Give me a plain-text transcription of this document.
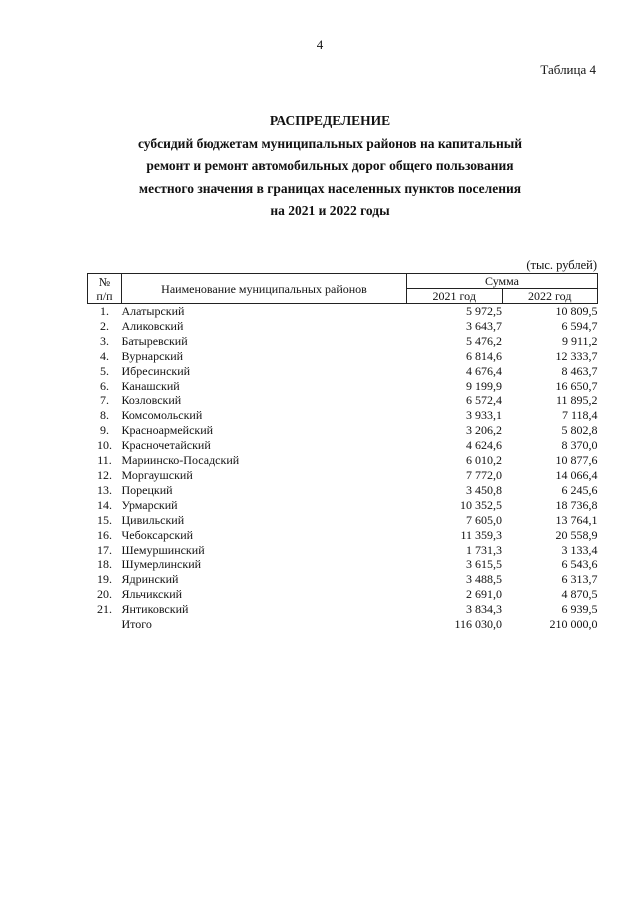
4
Таблица 4
РАСПРЕДЕЛЕНИЕ
субсидий бюджетам муниципальных районов на капитальный
ремонт и ремонт автомобильных дорог общего пользования
местного значения в границах населенных пунктов поселения
на 2021 и 2022 годы
(тыс. рублей)
№
п/п	Наименование муниципальных районов	Сумма	
		2021 год	2022 год
1.	Алатырский	5 972,5	10 809,5
2.	Аликовский	3 643,7	6 594,7
3.	Батыревский	5 476,2	9 911,2
4.	Вурнарский	6 814,6	12 333,7
5.	Ибресинский	4 676,4	8 463,7
6.	Канашский	9 199,9	16 650,7
7.	Козловский	6 572,4	11 895,2
8.	Комсомольский	3 933,1	7 118,4
9.	Красноармейский	3 206,2	5 802,8
10.	Красночетайский	4 624,6	8 370,0
11.	Мариинско-Посадский	6 010,2	10 877,6
12.	Моргаушский	7 772,0	14 066,4
13.	Порецкий	3 450,8	6 245,6
14.	Урмарский	10 352,5	18 736,8
15.	Цивильский	7 605,0	13 764,1
16.	Чебоксарский	11 359,3	20 558,9
17.	Шемуршинский	1 731,3	3 133,4
18.	Шумерлинский	3 615,5	6 543,6
19.	Ядринский	3 488,5	6 313,7
20.	Яльчикский	2 691,0	4 870,5
21.	Янтиковский	3 834,3	6 939,5
	Итого	116 030,0	210 000,0
